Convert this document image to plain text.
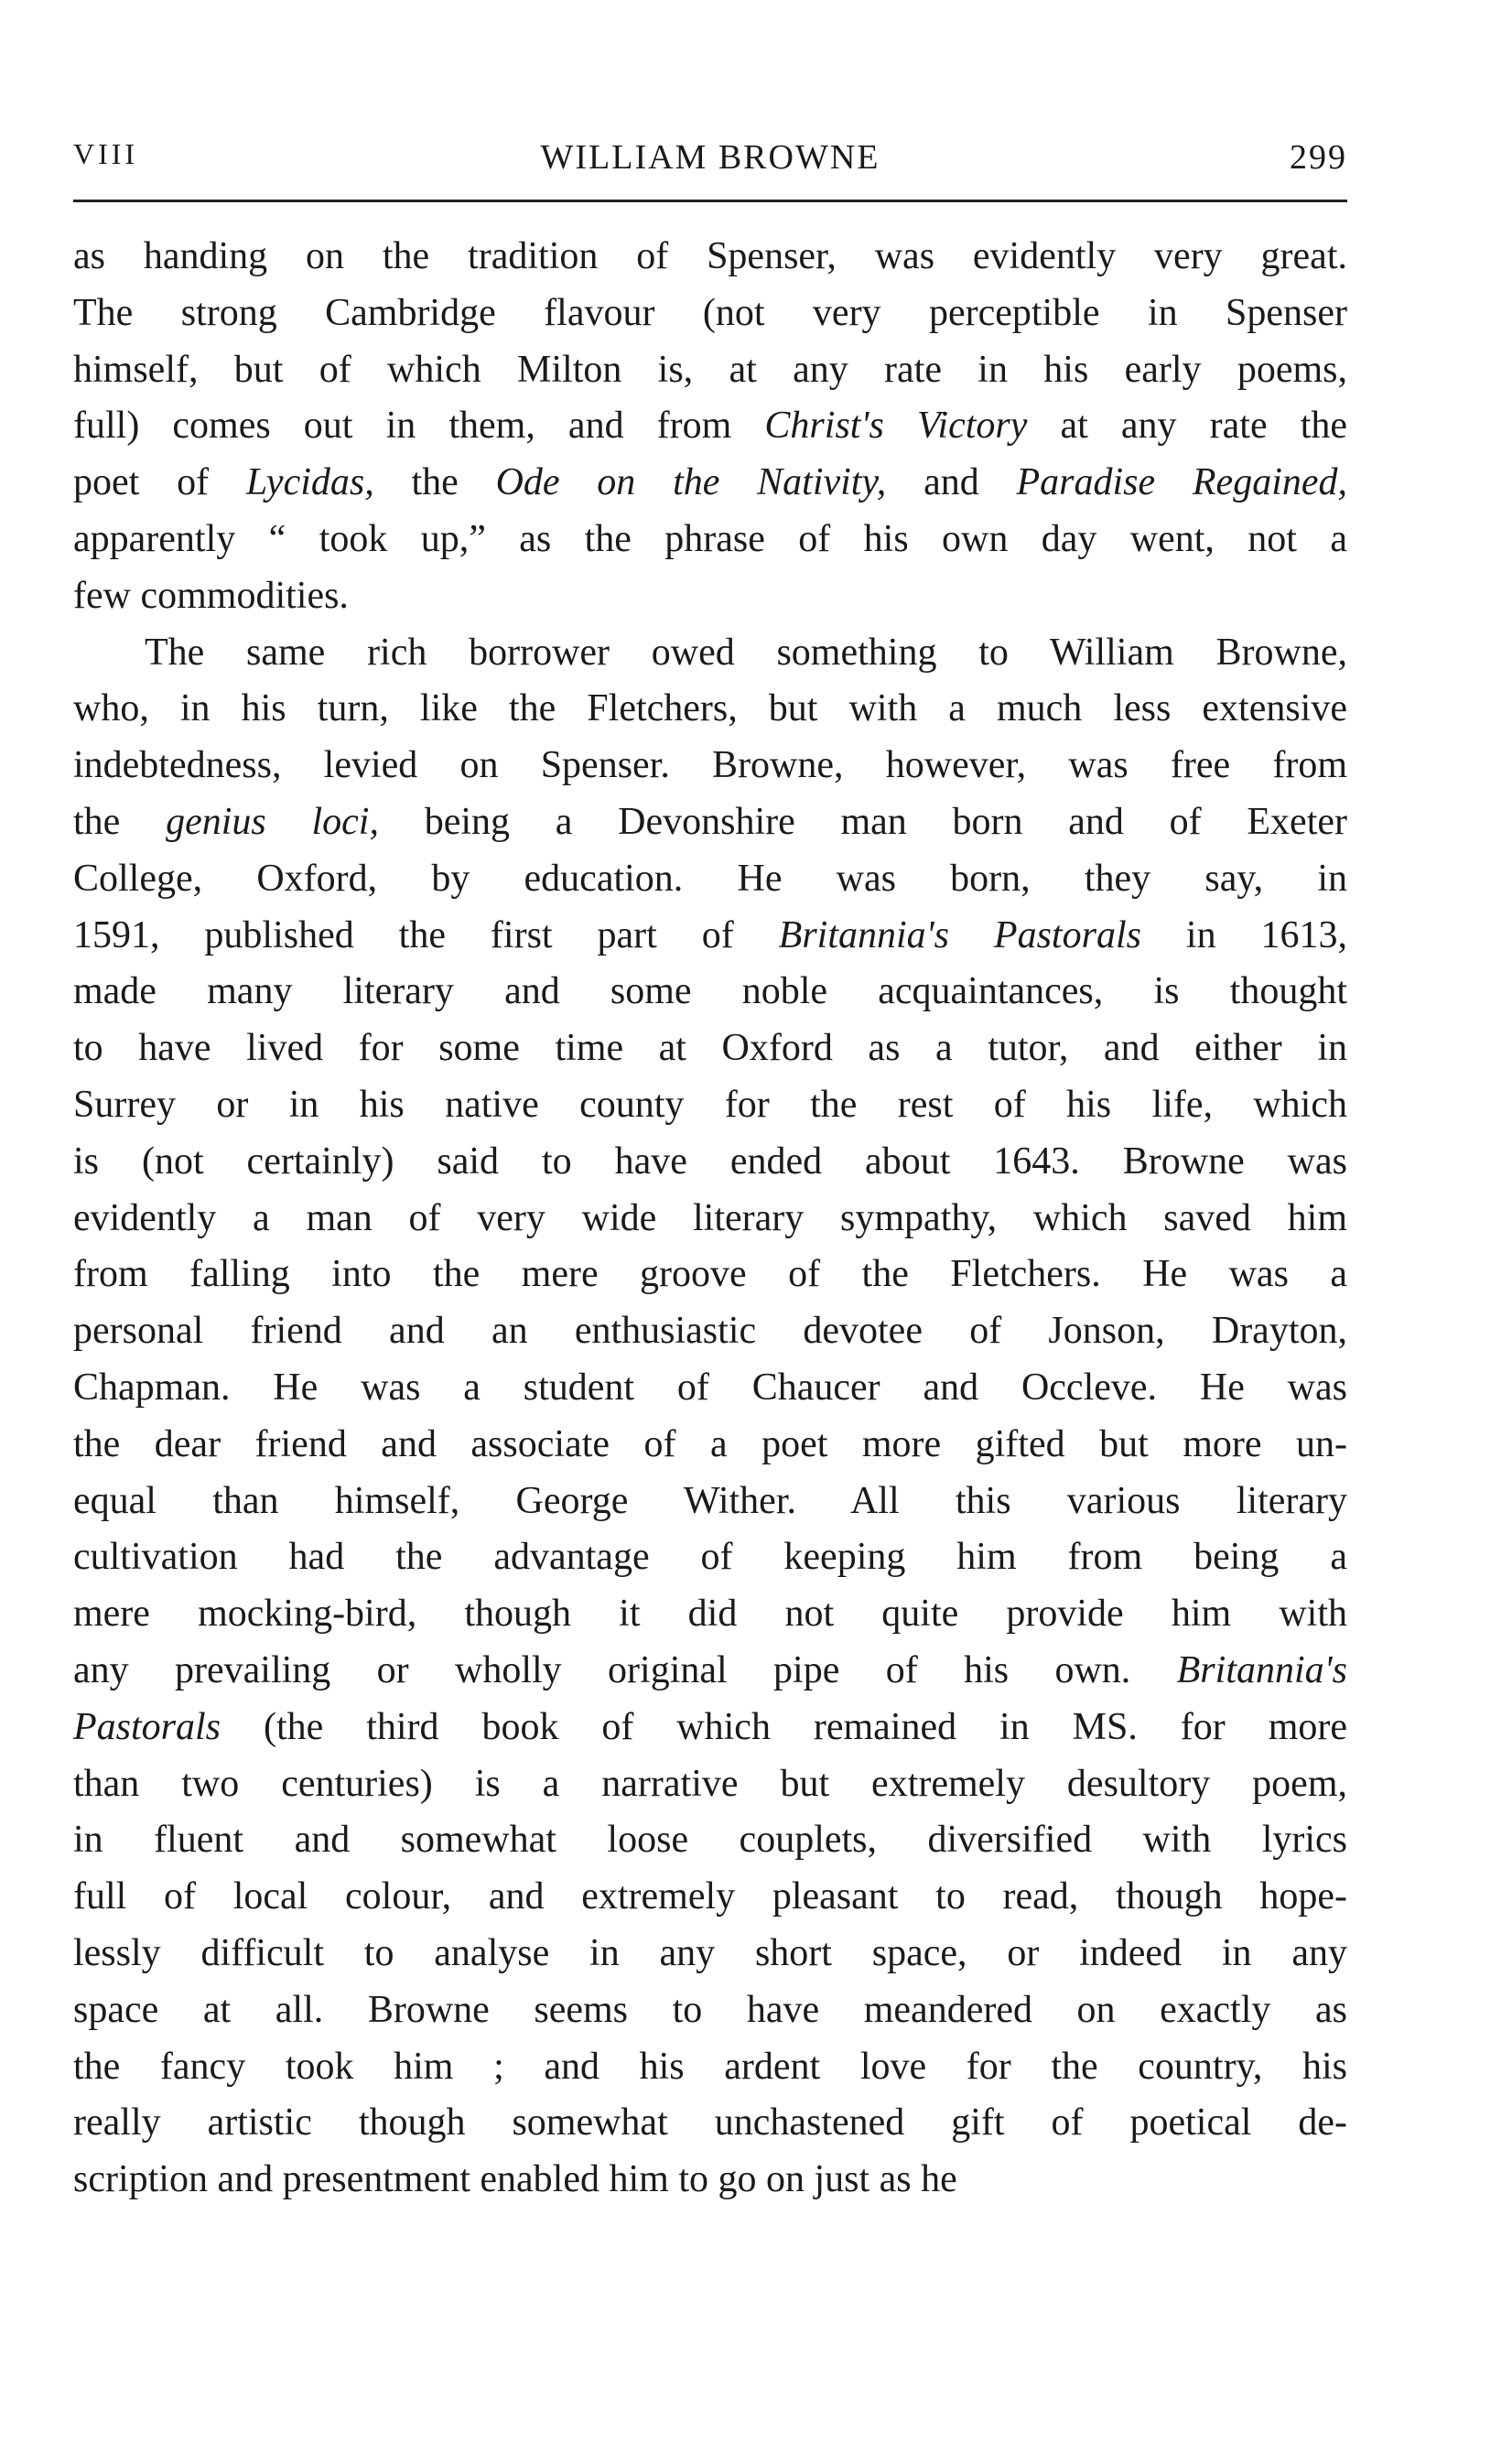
VIII	WILLIAM BROWNE	299
as handing on the tradition of Spenser, was evidently very great.
The strong Cambridge flavour (not very perceptible in Spenser
himself, but of which Milton is, at any rate in his early poems,
full) comes out in them, and from Christ's Victory at any rate the
poet of Lycidas, the Ode on the Nativity, and Paradise Regained,
apparently “ took up,” as the phrase of his own day went, not a
few commodities.
The same rich borrower owed something to William Browne,
who, in his turn, like the Fletchers, but with a much less extensive
indebtedness, levied on Spenser. Browne, however, was free from
the genius loci, being a Devonshire man born and of Exeter
College, Oxford, by education. He was born, they say, in
1591, published the first part of Britannia's Pastorals in 1613,
made many literary and some noble acquaintances, is thought
to have lived for some time at Oxford as a tutor, and either in
Surrey or in his native county for the rest of his life, which
is (not certainly) said to have ended about 1643. Browne was
evidently a man of very wide literary sympathy, which saved him
from falling into the mere groove of the Fletchers. He was a
personal friend and an enthusiastic devotee of Jonson, Drayton,
Chapman. He was a student of Chaucer and Occleve. He was
the dear friend and associate of a poet more gifted but more un-
equal than himself, George Wither. All this various literary
cultivation had the advantage of keeping him from being a
mere mocking-bird, though it did not quite provide him with
any prevailing or wholly original pipe of his own. Britannia's
Pastorals (the third book of which remained in MS. for more
than two centuries) is a narrative but extremely desultory poem,
in fluent and somewhat loose couplets, diversified with lyrics
full of local colour, and extremely pleasant to read, though hope-
lessly difficult to analyse in any short space, or indeed in any
space at all. Browne seems to have meandered on exactly as
the fancy took him ; and his ardent love for the country, his
really artistic though somewhat unchastened gift of poetical de-
scription and presentment enabled him to go on just as he
